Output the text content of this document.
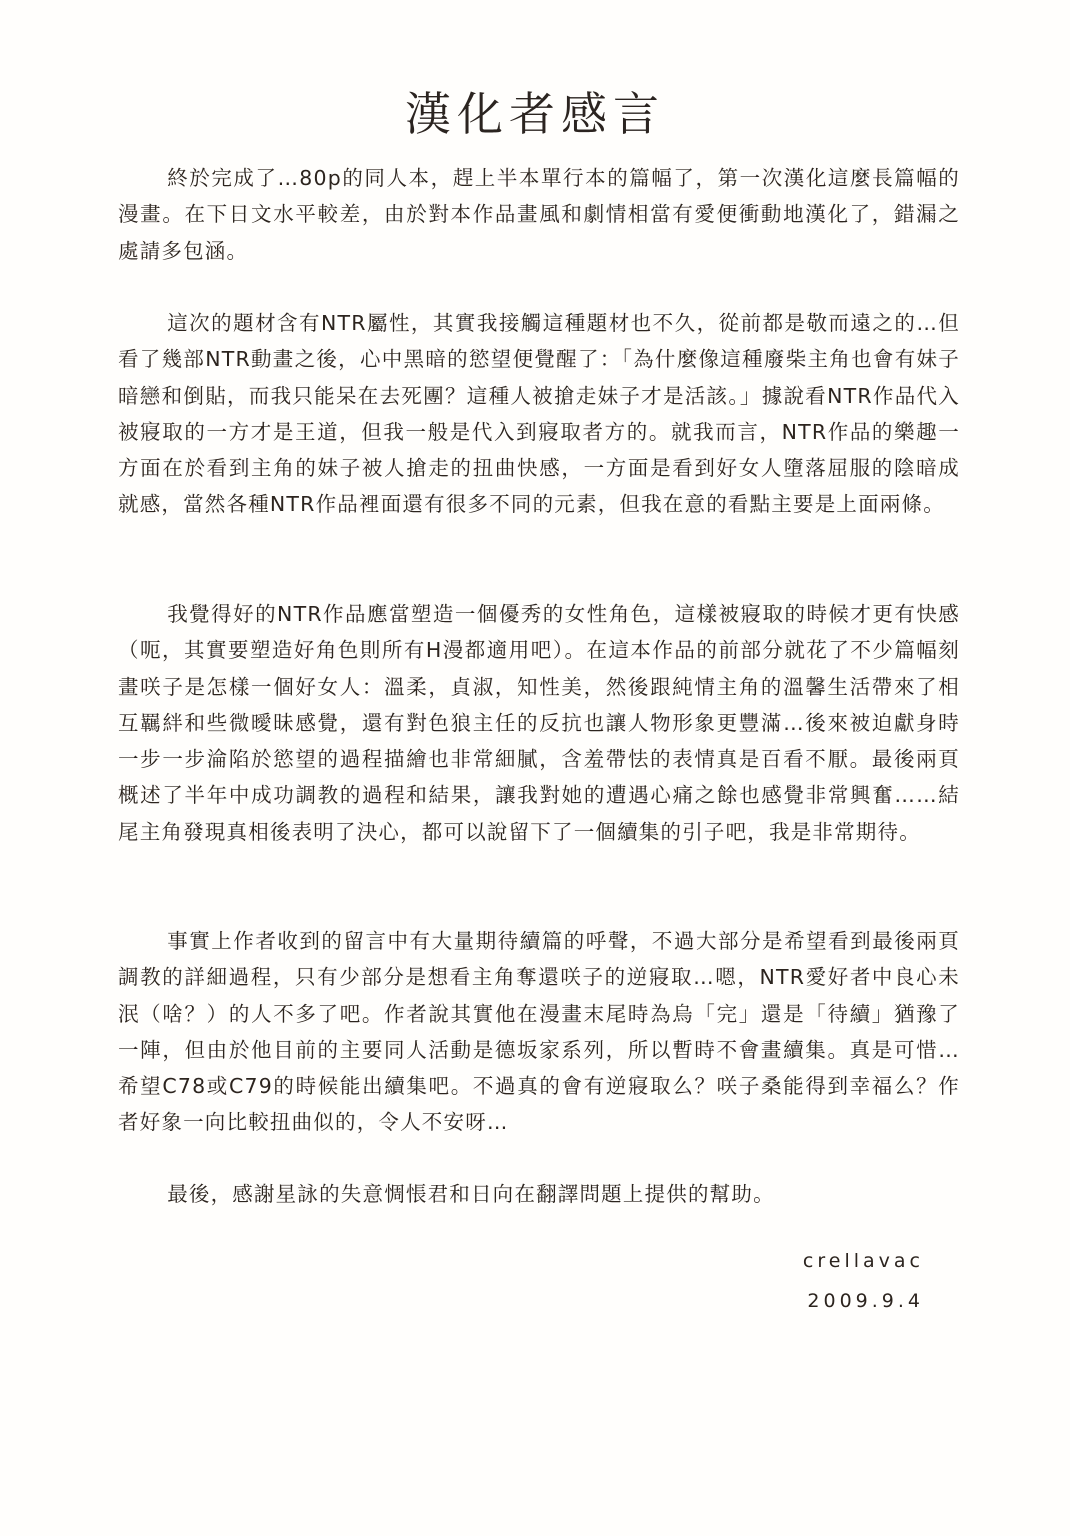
漢化者感言

終於完成了…80p的同人本，趕上半本單行本的篇幅了，第一次漢化這麼長篇幅的漫畫。在下日文水平較差，由於對本作品畫風和劇情相當有愛便衝動地漢化了，錯漏之處請多包涵。

這次的題材含有NTR屬性，其實我接觸這種題材也不久，從前都是敬而遠之的…但看了幾部NTR動畫之後，心中黑暗的慾望便覺醒了：「為什麼像這種廢柴主角也會有妹子暗戀和倒貼，而我只能呆在去死團？這種人被搶走妹子才是活該。」據說看NTR作品代入被寢取的一方才是王道，但我一般是代入到寢取者方的。就我而言，NTR作品的樂趣一方面在於看到主角的妹子被人搶走的扭曲快感，一方面是看到好女人墮落屈服的陰暗成就感，當然各種NTR作品裡面還有很多不同的元素，但我在意的看點主要是上面兩條。

我覺得好的NTR作品應當塑造一個優秀的女性角色，這樣被寢取的時候才更有快感（呃，其實要塑造好角色則所有H漫都適用吧）。在這本作品的前部分就花了不少篇幅刻畫咲子是怎樣一個好女人：溫柔，貞淑，知性美，然後跟純情主角的溫馨生活帶來了相互羈絆和些微曖昧感覺，還有對色狼主任的反抗也讓人物形象更豐滿…後來被迫獻身時一步一步淪陷於慾望的過程描繪也非常細膩，含羞帶怯的表情真是百看不厭。最後兩頁概述了半年中成功調教的過程和結果，讓我對她的遭遇心痛之餘也感覺非常興奮……結尾主角發現真相後表明了決心，都可以說留下了一個續集的引子吧，我是非常期待。

事實上作者收到的留言中有大量期待續篇的呼聲，不過大部分是希望看到最後兩頁調教的詳細過程，只有少部分是想看主角奪還咲子的逆寢取…嗯，NTR愛好者中良心未泯（啥？）的人不多了吧。作者說其實他在漫畫末尾時為烏「完」還是「待續」猶豫了一陣，但由於他目前的主要同人活動是德坂家系列，所以暫時不會畫續集。真是可惜…希望C78或C79的時候能出續集吧。不過真的會有逆寢取么？咲子桑能得到幸福么？作者好象一向比較扭曲似的，令人不安呀…

最後，感謝星詠的失意惆悵君和日向在翻譯問題上提供的幫助。

crellavac
2009.9.4
